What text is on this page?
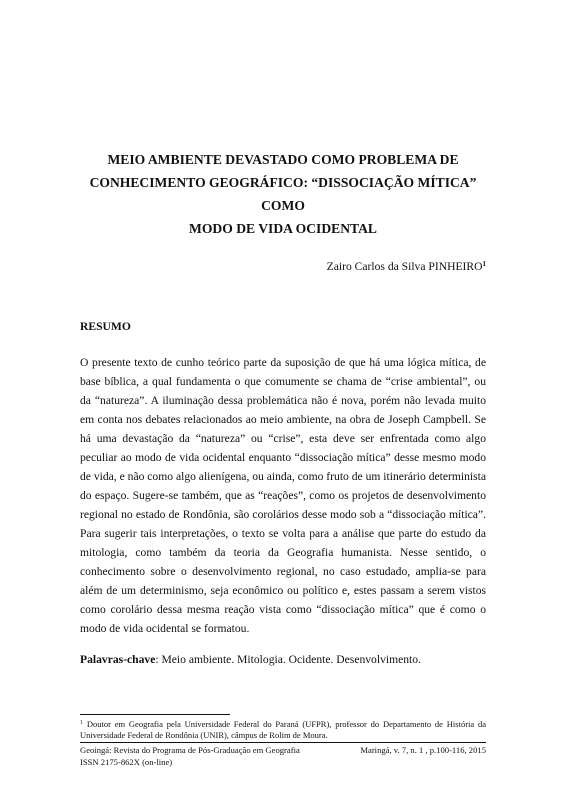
MEIO AMBIENTE DEVASTADO COMO PROBLEMA DE
CONHECIMENTO GEOGRÁFICO: “DISSOCIAÇÃO MÍTICA” COMO
MODO DE VIDA OCIDENTAL
Zairo Carlos da Silva PINHEIRO$^1$
RESUMO

O presente texto de cunho teórico parte da suposição de que há uma lógica mítica, de base bíblica, a qual fundamenta o que comumente se chama de “crise ambiental”, ou da “natureza”. A iluminação dessa problemática não é nova, porém não levada muito em conta nos debates relacionados ao meio ambiente, na obra de Joseph Campbell. Se há uma devastação da “natureza” ou “crise”, esta deve ser enfrentada como algo peculiar ao modo de vida ocidental enquanto “dissociação mítica” desse mesmo modo de vida, e não como algo alienígena, ou ainda, como fruto de um itinerário determinista do espaço. Sugere-se também, que as “reações”, como os projetos de desenvolvimento regional no estado de Rondônia, são corolários desse modo sob a “dissociação mítica”. Para sugerir tais interpretações, o texto se volta para a análise que parte do estudo da mitologia, como também da teoria da Geografia humanista. Nesse sentido, o conhecimento sobre o desenvolvimento regional, no caso estudado, amplia-se para além de um determinismo, seja econômico ou político e, estes passam a serem vistos como corolário dessa mesma reação vista como “dissociação mítica” que é como o modo de vida ocidental se formatou.

Palavras-chave: Meio ambiente. Mitologia. Ocidente. Desenvolvimento.
$^1$ Doutor em Geografia pela Universidade Federal do Paraná (UFPR), professor do Departamento de História da Universidade Federal de Rondônia (UNIR), câmpus de Rolim de Moura.
Geoingá: Revista do Programa de Pós-Graduação em Geografia
ISSN 2175-862X (on-line)
Maringá, v. 7, n. 1 , p.100-116, 2015
